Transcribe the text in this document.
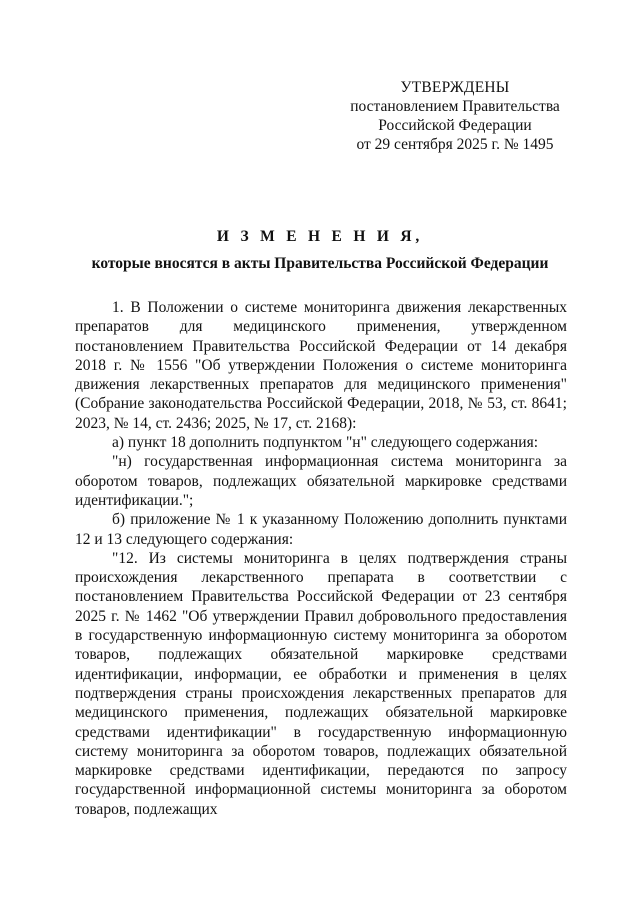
УТВЕРЖДЕНЫ
постановлением Правительства
Российской Федерации
от 29 сентября 2025 г. № 1495
И З М Е Н Е Н И Я,
которые вносятся в акты Правительства Российской Федерации

1. В Положении о системе мониторинга движения лекарственных препаратов для медицинского применения, утвержденном постановлением Правительства Российской Федерации от 14 декабря 2018 г. № 1556 "Об утверждении Положения о системе мониторинга движения лекарственных препаратов для медицинского применения" (Собрание законодательства Российской Федерации, 2018, № 53, ст. 8641; 2023, № 14, ст. 2436; 2025, № 17, ст. 2168):

а) пункт 18 дополнить подпунктом "н" следующего содержания:

"н) государственная информационная система мониторинга за оборотом товаров, подлежащих обязательной маркировке средствами идентификации.";

б) приложение № 1 к указанному Положению дополнить пунктами 12 и 13 следующего содержания:

"12. Из системы мониторинга в целях подтверждения страны происхождения лекарственного препарата в соответствии с постановлением Правительства Российской Федерации от 23 сентября 2025 г. № 1462 "Об утверждении Правил добровольного предоставления в государственную информационную систему мониторинга за оборотом товаров, подлежащих обязательной маркировке средствами идентификации, информации, ее обработки и применения в целях подтверждения страны происхождения лекарственных препаратов для медицинского применения, подлежащих обязательной маркировке средствами идентификации" в государственную информационную систему мониторинга за оборотом товаров, подлежащих обязательной маркировке средствами идентификации, передаются по запросу государственной информационной системы мониторинга за оборотом товаров, подлежащих
